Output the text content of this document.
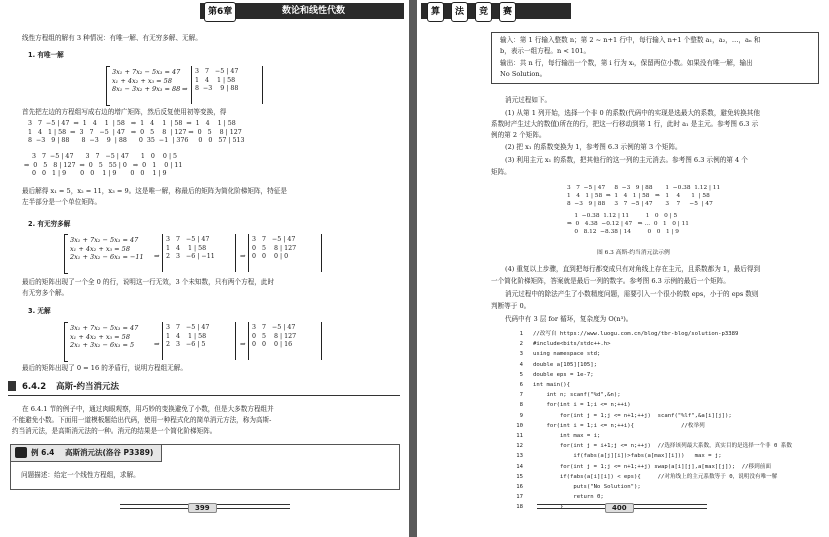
第6章	数论和线性代数
线性方程组的解有 3 种情况：有唯一解、有无穷多解、无解。
1. 有唯一解
3x₁ + 7x₂ − 5x₃ = 47
x₁ + 4x₂ + x₃ = 58
8x₁ − 3x₂ + 9x₃ = 88 ⇒
3   7   −5 | 47
1   4    1 | 58
8  −3    9 | 88
首先把左边的方程组写成右边的增广矩阵，然后反复使用初等变换，得
3   7  −5 | 47  ⇒  1   4    1  | 58   ⇒  1   4    1  | 58  ⇒  1   4    1 | 58
1   4   1 | 58  ⇒  3   7   −5  | 47   ⇒  0   5    8  | 127 ⇒  0   5    8 | 127
8  −3   9 | 88      8  −3    9  | 88      0  35  −1  | 376     0   0   57 | 513
3   7  −5 | 47      3   7   −5 | 47      1   0    0 | 5
⇒  0   5   8 | 127  ⇒  0   5   55 | 0   ⇒  0   1    0 | 11
0   0   1 | 9       0   0    1 | 9       0   0    1 | 9
最后解得 x₁ = 5，x₂ = 11，x₃ = 9。这是唯一解，称最后的矩阵为简化阶梯矩阵，特征是
左半部分是一个单位矩阵。
2. 有无穷多解
3x₁ + 7x₂ − 5x₃ = 47
x₁ + 4x₂ + x₃ = 58
2x₁ + 3x₂ − 6x₃ = −11 ⇒
3   7   −5 | 47
1   4    1 | 58
2   3   −6 | −11	⇒
3   7   −5 | 47
0   5    8 | 127
0   0    0 | 0
最后的矩阵出现了一个全 0 的行，说明这一行无效，3 个未知数，只有两个方程，此时
有无穷多个解。
3. 无解
3x₁ + 7x₂ − 5x₃ = 47
x₁ + 4x₂ + x₃ = 58
2x₁ + 3x₂ − 6x₃ = 5	⇒
3   7   −5 | 47
1   4    1 | 58
2   3   −6 | 5	⇒
3   7   −5 | 47
0   5    8 | 127
0   0    0 | 16
最后的矩阵出现了 0 = 16 的矛盾行，说明方程组无解。
6.4.2 高斯-约当消元法
在 6.4.1 节的例子中，通过肉眼观察，用巧妙的变换避免了小数，但是大多数方程组并
不能避免小数。下面用一道模板题给出代码，使用一种程式化的简单消元方法，称为高斯-
约当消元法，是高斯消元法的一种。消元的结果是一个简化阶梯矩阵。
例 6.4 高斯消元法(洛谷 P3389)
问题描述：给定一个线性方程组，求解。
399
算	法	竞	赛
输入：第 1 行输入整数 n；第 2 ~ n+1 行中，每行输入 n+1 个整数 a₁，a₂，…，aₙ 和
b，表示一组方程。n < 101。
输出：共 n 行，每行输出一个数，第 i 行为 xᵢ，保留两位小数。如果没有唯一解，输出
No Solution。
消元过程如下。
(1) 从第 1 列开始，选择一个非 0 的系数(代码中的实现是选最大的系数，避免转换其他
系数时产生过大的数值)所在的行，把这一行移动到第 1 行，此时 a₁ 是主元。参考图 6.3 示
例的第 2 个矩阵。
(2) 把 x₁ 的系数变换为 1，参考图 6.3 示例的第 3 个矩阵。
(3) 利用主元 x₁ 的系数，把其他行的这一列的主元消去。参考图 6.3 示例的第 4 个
矩阵。
3   7  −5 | 47     8  −3   9 | 88       1  −0.38  1.12 | 11
1   4   1 | 58  ⇒  1   4   1 | 58   ⇒   1    4      1  | 58
8  −3   9 | 88     3   7  −5 | 47       3    7     −5  | 47
1  −0.38  1.12 | 11         1   0   0 | 5
⇒  0   4.38  −0.12 | 47   ⇒ …  0   1   0 | 11
0   8.12  −8.38 | 14         0   0   1 | 9
图 6.3 高斯-约当消元法示例
(4) 重复以上步骤，直到把每行都变成只有对角线上存在主元，且系数都为 1，最后得到
一个简化阶梯矩阵，答案就是最后一列的数字。参考图 6.3 示例的最后一个矩阵。
消元过程中的除法产生了小数精度问题，需要引入一个很小的数 eps，小于的 eps 数则
判断等于 0。
代码中有 3 层 for 循环，复杂度为 O(n³)。
1 //改写自 https://www.luogu.com.cn/blog/tbr-blog/solution-p3389
2 #include<bits/stdc++.h>
3 using namespace std;
4 double a[105][105];
5 double eps = 1e-7;
6 int main(){
7    int n; scanf("%d",&n);
8    for(int i = 1;i <= n;++i)
9        for(int j = 1;j <= n+1;++j)  scanf("%lf",&a[i][j]);
10    for(int i = 1;i <= n;++i){              //枚举列
11        int max = i;
12        for(int j = i+1;j <= n;++j)  //选择该列最大系数，真实目的是选择一个非 0 系数
13            if(fabs(a[j][i])>fabs(a[max][i]))   max = j;
14        for(int j = 1;j <= n+1;++j) swap(a[i][j],a[max][j]);  //移到前面
15        if(fabs(a[i][i]) < eps){     //对角线上的主元系数等于 0，说明没有唯一解
16            puts("No Solution");
17            return 0;
18        }	400
